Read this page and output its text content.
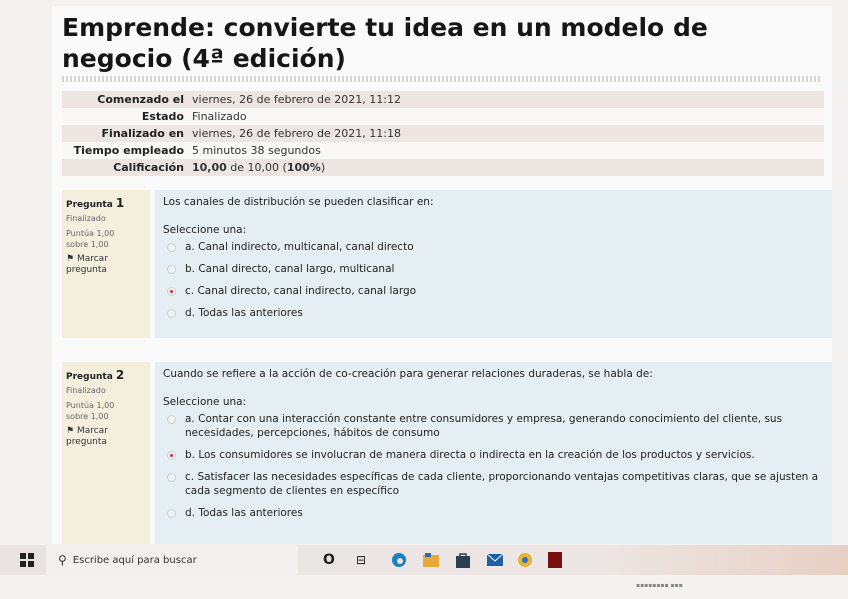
Emprende: convierte tu idea en un modelo de negocio (4ª edición)
Comenzado el	viernes, 26 de febrero de 2021, 11:12
Estado	Finalizado
Finalizado en	viernes, 26 de febrero de 2021, 11:18
Tiempo empleado	5 minutos 38 segundos
Calificación	10,00 de 10,00 (100%)
Pregunta 1
Finalizado
Puntúa 1,00
sobre 1,00
⚑ Marcar
pregunta
Los canales de distribución se pueden clasificar en:
Seleccione una:
a. Canal indirecto, multicanal, canal directo
b. Canal directo, canal largo, multicanal
c. Canal directo, canal indirecto, canal largo
d. Todas las anteriores
Pregunta 2
Finalizado
Puntúa 1,00
sobre 1,00
⚑ Marcar
pregunta
Cuando se refiere a la acción de co-creación para generar relaciones duraderas, se habla de:
Seleccione una:
a. Contar con una interacción constante entre consumidores y empresa, generando conocimiento del cliente, sus necesidades, percepciones, hábitos de consumo
b. Los consumidores se involucran de manera directa o indirecta en la creación de los productos y servicios.
c. Satisfacer las necesidades específicas de cada cliente, proporcionando ventajas competitivas claras, que se ajusten a cada segmento de clientes en específico
d. Todas las anteriores
⚲ Escribe aquí para buscar	O	⊟
▪▪▪▪▪▪▪▪ ▪▪▪
